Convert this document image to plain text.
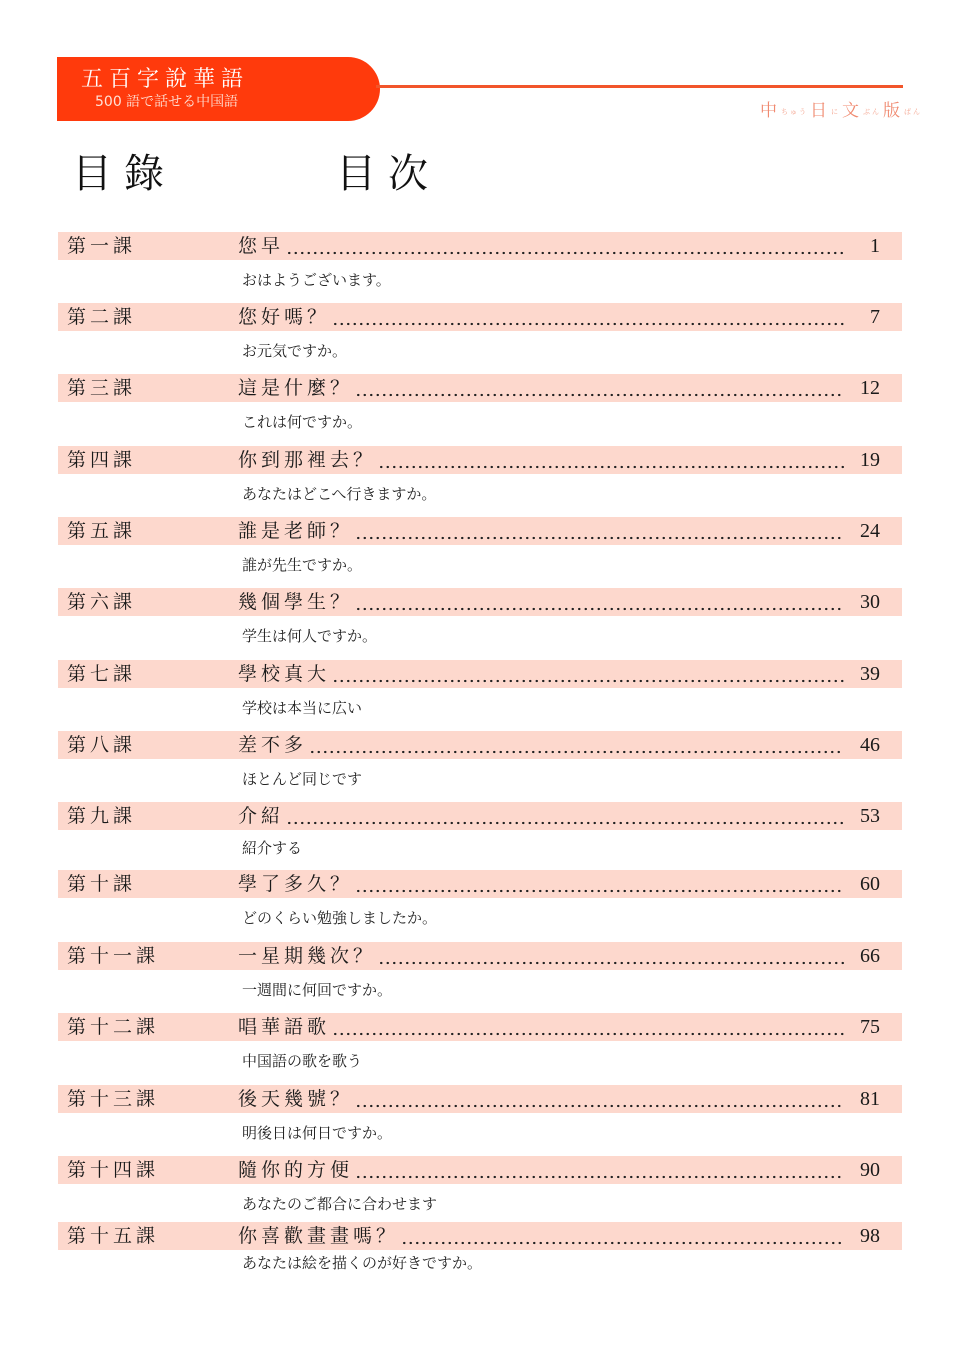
五百字說華語
500 語で話せる中国語	中ちゅう 日 に 文 ぶん 版 ばん
目錄	目次
第一課	您早	1
おはようございます。
第二課	您好嗎？	7
お元気ですか。
第三課	這是什麼？	12
これは何ですか。
第四課	你到那裡去？	19
あなたはどこへ行きますか。
第五課	誰是老師？	24
誰が先生ですか。
第六課	幾個學生？	30
学生は何人ですか。
第七課	學校真大	39
学校は本当に広い
第八課	差不多	46
ほとんど同じです
第九課	介紹	53
紹介する
第十課	學了多久？	60
どのくらい勉強しましたか。
第十一課	一星期幾次？	66
一週間に何回ですか。
第十二課	唱華語歌	75
中国語の歌を歌う
第十三課	後天幾號？	81
明後日は何日ですか。
第十四課	隨你的方便	90
あなたのご都合に合わせます
第十五課	你喜歡畫畫嗎？	98
あなたは絵を描くのが好きですか。
